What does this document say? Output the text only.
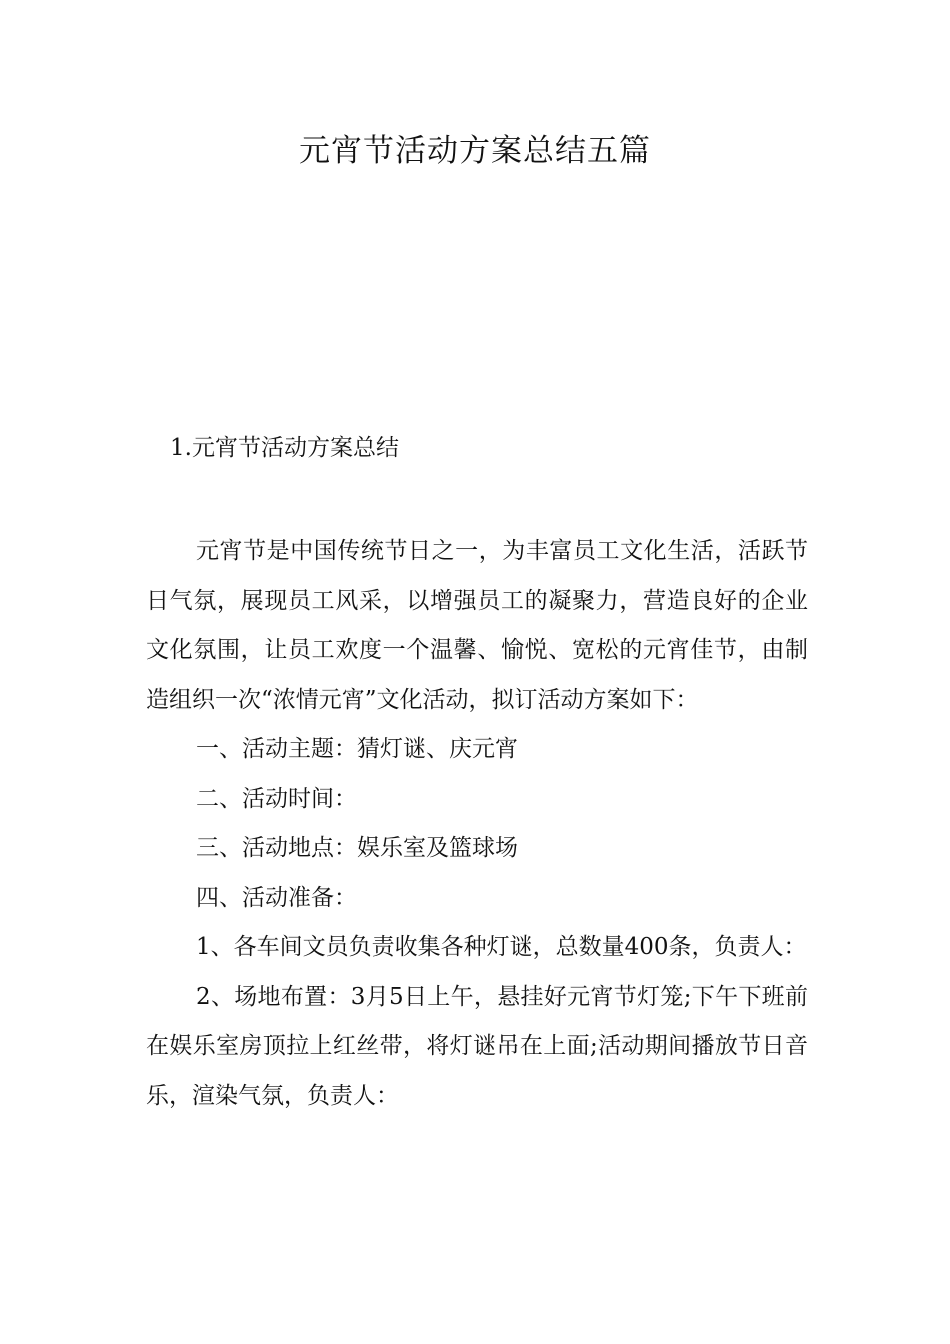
元宵节活动方案总结五篇
1.元宵节活动方案总结

元宵节是中国传统节日之一，为丰富员工文化生活，活跃节日气氛，展现员工风采，以增强员工的凝聚力，营造良好的企业文化氛围，让员工欢度一个温馨、愉悦、宽松的元宵佳节，由制造组织一次“浓情元宵”文化活动，拟订活动方案如下：

一、活动主题：猜灯谜、庆元宵

二、活动时间：

三、活动地点：娱乐室及篮球场

四、活动准备：

1、各车间文员负责收集各种灯谜，总数量400条，负责人：

2、场地布置：3月5日上午，悬挂好元宵节灯笼;下午下班前在娱乐室房顶拉上红丝带，将灯谜吊在上面;活动期间播放节日音乐，渲染气氛，负责人：
